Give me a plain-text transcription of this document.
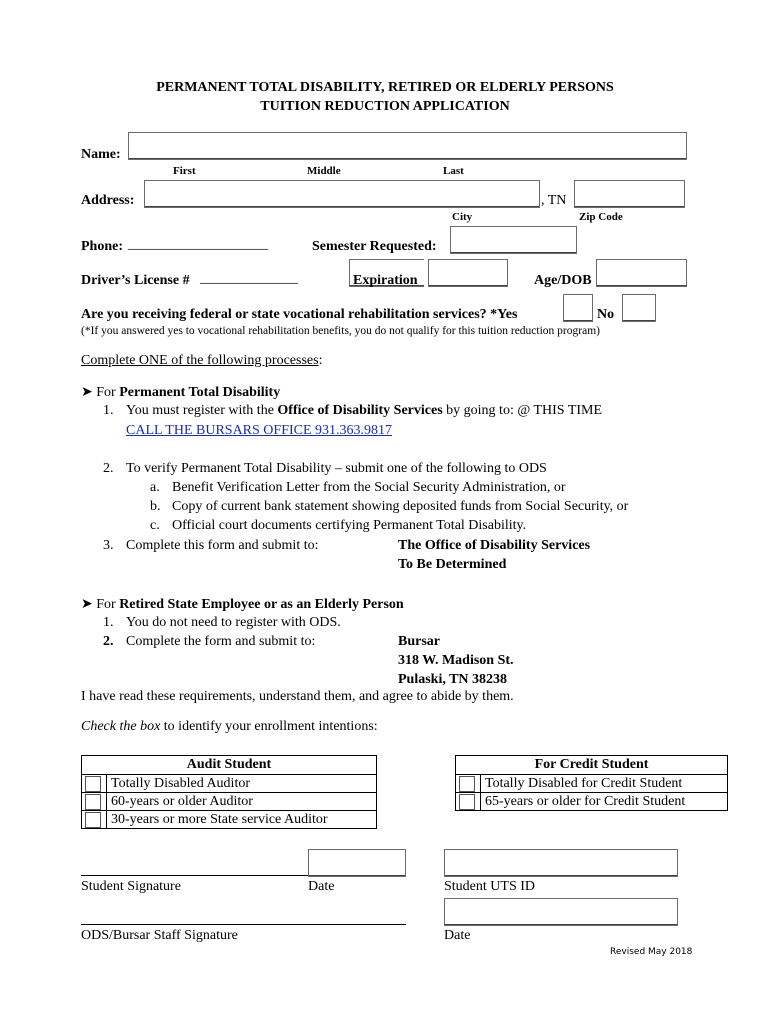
PERMANENT TOTAL DISABILITY, RETIRED OR ELDERLY PERSONS
TUITION REDUCTION APPLICATION
Name:
First	Middle	Last
Address:	, TN
City	Zip Code
Phone: ____________________	Semester Requested:
Driver’s License # ______________	Expiration	Age/DOB
Are you receiving federal or state vocational rehabilitation services? *Yes	No
(*If you answered yes to vocational rehabilitation benefits, you do not qualify for this tuition reduction program)
Complete ONE of the following processes:
➤ For Permanent Total Disability
1. You must register with the Office of Disability Services by going to: @ THIS TIME
CALL THE BURSARS OFFICE 931.363.9817
2. To verify Permanent Total Disability – submit one of the following to ODS
a. Benefit Verification Letter from the Social Security Administration, or
b. Copy of current bank statement showing deposited funds from Social Security, or
c. Official court documents certifying Permanent Total Disability.
3. Complete this form and submit to:	The Office of Disability Services
To Be Determined
➤ For Retired State Employee or as an Elderly Person
1. You do not need to register with ODS.
2. Complete the form and submit to:	Bursar
318 W. Madison St.
Pulaski, TN 38238
I have read these requirements, understand them, and agree to abide by them.
Check the box to identify your enrollment intentions:
Audit Student	
	Totally Disabled Auditor
	60-years or older Auditor
	30-years or more State service Auditor
For Credit Student	
	Totally Disabled for Credit Student
	65-years or older for Credit Student
Student Signature	Date	Student UTS ID
ODS/Bursar Staff Signature	Date
Revised May 2018
